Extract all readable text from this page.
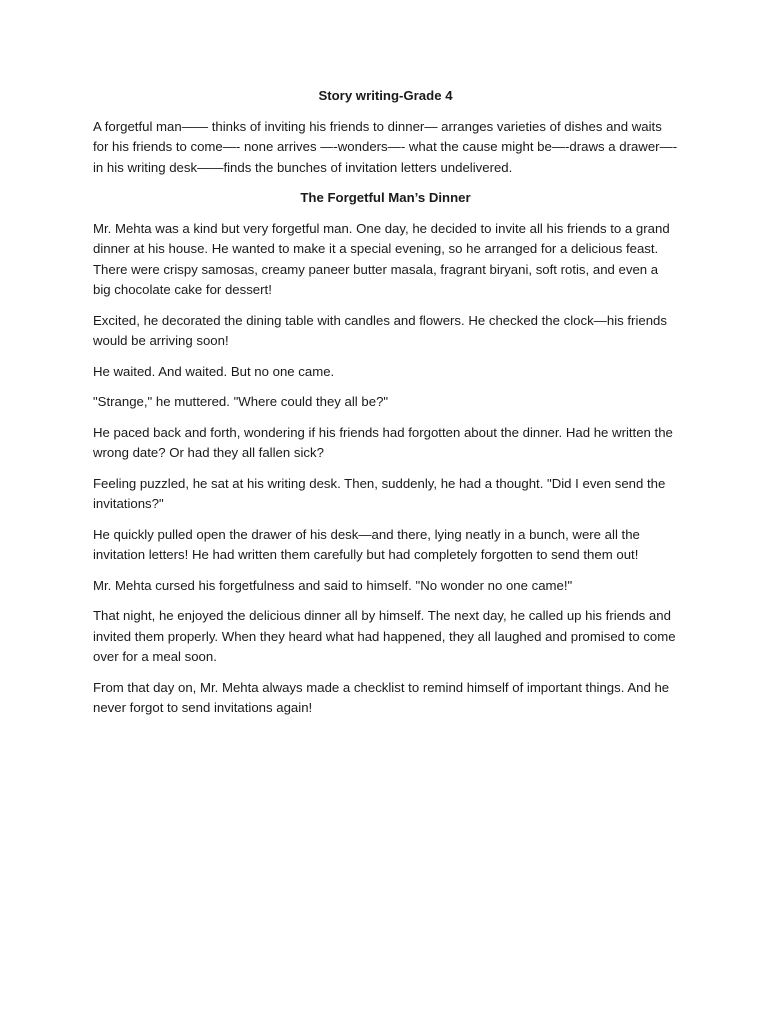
Story writing-Grade 4

A forgetful man—— thinks of inviting his friends to dinner— arranges varieties of dishes and waits for his friends to come—- none arrives —-wonders—- what the cause might be—-draws a drawer—- in his writing desk——finds the bunches of invitation letters undelivered.

The Forgetful Man’s Dinner

Mr. Mehta was a kind but very forgetful man. One day, he decided to invite all his friends to a grand dinner at his house. He wanted to make it a special evening, so he arranged for a delicious feast. There were crispy samosas, creamy paneer butter masala, fragrant biryani, soft rotis, and even a big chocolate cake for dessert!

Excited, he decorated the dining table with candles and flowers. He checked the clock—his friends would be arriving soon!

He waited. And waited. But no one came.

"Strange," he muttered. "Where could they all be?"

He paced back and forth, wondering if his friends had forgotten about the dinner. Had he written the wrong date? Or had they all fallen sick?

Feeling puzzled, he sat at his writing desk. Then, suddenly, he had a thought. "Did I even send the invitations?"

He quickly pulled open the drawer of his desk—and there, lying neatly in a bunch, were all the invitation letters! He had written them carefully but had completely forgotten to send them out!

Mr. Mehta cursed his forgetfulness and said to himself. "No wonder no one came!"

That night, he enjoyed the delicious dinner all by himself. The next day, he called up his friends and invited them properly. When they heard what had happened, they all laughed and promised to come over for a meal soon.

From that day on, Mr. Mehta always made a checklist to remind himself of important things. And he never forgot to send invitations again!
